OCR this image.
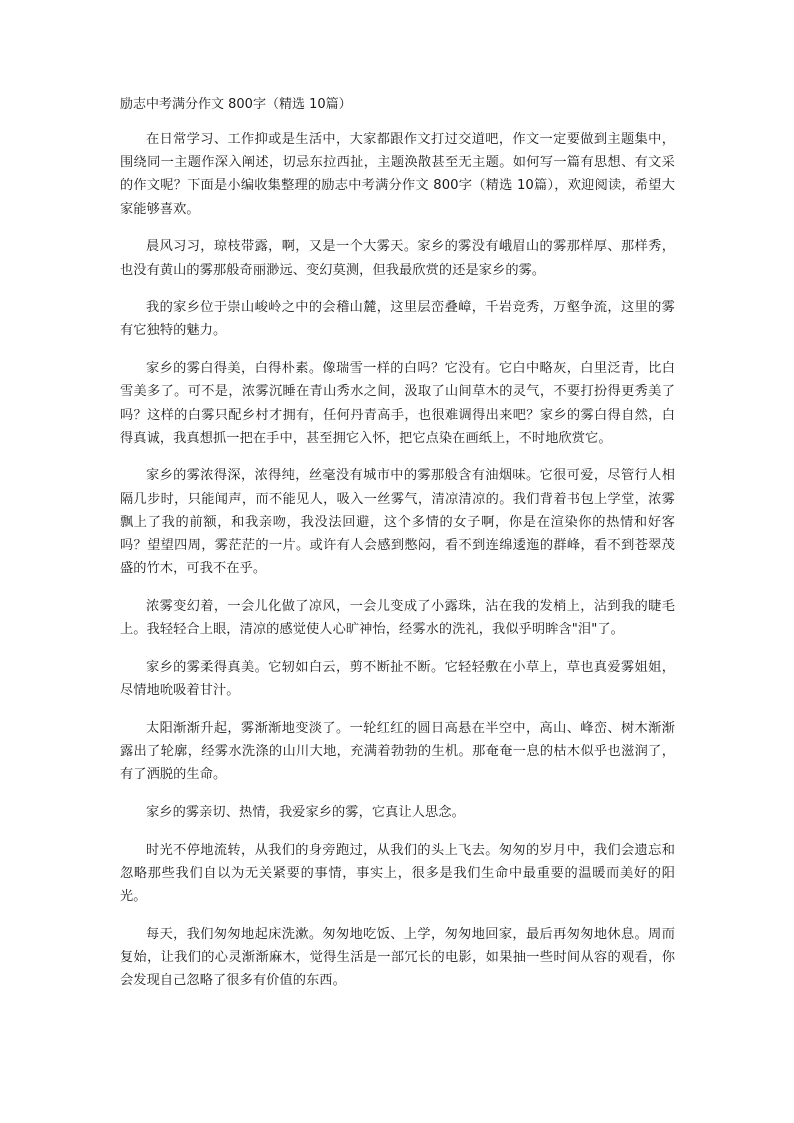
励志中考满分作文 800字（精选 10篇）

在日常学习、工作抑或是生活中，大家都跟作文打过交道吧，作文一定要做到主题集中，围绕同一主题作深入阐述，切忌东拉西扯，主题涣散甚至无主题。如何写一篇有思想、有文采的作文呢？下面是小编收集整理的励志中考满分作文 800字（精选 10篇），欢迎阅读，希望大家能够喜欢。

晨风习习，琼枝带露，啊，又是一个大雾天。家乡的雾没有峨眉山的雾那样厚、那样秀，也没有黄山的雾那般奇丽渺远、变幻莫测，但我最欣赏的还是家乡的雾。

我的家乡位于崇山峻岭之中的会稽山麓，这里层峦叠嶂，千岩竞秀，万壑争流，这里的雾有它独特的魅力。

家乡的雾白得美，白得朴素。像瑞雪一样的白吗？它没有。它白中略灰，白里泛青，比白雪美多了。可不是，浓雾沉睡在青山秀水之间，汲取了山间草木的灵气，不要打扮得更秀美了吗？这样的白雾只配乡村才拥有，任何丹青高手，也很难调得出来吧？家乡的雾白得自然，白得真诚，我真想抓一把在手中，甚至拥它入怀，把它点染在画纸上，不时地欣赏它。

家乡的雾浓得深，浓得纯，丝毫没有城市中的雾那般含有油烟味。它很可爱，尽管行人相隔几步时，只能闻声，而不能见人，吸入一丝雾气，清凉清凉的。我们背着书包上学堂，浓雾飘上了我的前额，和我亲吻，我没法回避，这个多情的女子啊，你是在渲染你的热情和好客吗？望望四周，雾茫茫的一片。或许有人会感到憋闷，看不到连绵逶迤的群峰，看不到苍翠茂盛的竹木，可我不在乎。

浓雾变幻着，一会儿化做了凉风，一会儿变成了小露珠，沾在我的发梢上，沾到我的睫毛上。我轻轻合上眼，清凉的感觉使人心旷神怡，经雾水的洗礼，我似乎明眸含"泪"了。

家乡的雾柔得真美。它轫如白云，剪不断扯不断。它轻轻敷在小草上，草也真爱雾姐姐，尽情地吮吸着甘汁。

太阳渐渐升起，雾渐渐地变淡了。一轮红红的圆日高悬在半空中，高山、峰峦、树木渐渐露出了轮廓，经雾水洗涤的山川大地，充满着勃勃的生机。那奄奄一息的枯木似乎也滋润了，有了洒脱的生命。

家乡的雾亲切、热情，我爱家乡的雾，它真让人思念。

时光不停地流转，从我们的身旁跑过，从我们的头上飞去。匆匆的岁月中，我们会遗忘和忽略那些我们自以为无关紧要的事情，事实上，很多是我们生命中最重要的温暖而美好的阳光。

每天，我们匆匆地起床洗漱。匆匆地吃饭、上学，匆匆地回家，最后再匆匆地休息。周而复始，让我们的心灵渐渐麻木，觉得生活是一部冗长的电影，如果抽一些时间从容的观看，你会发现自己忽略了很多有价值的东西。
